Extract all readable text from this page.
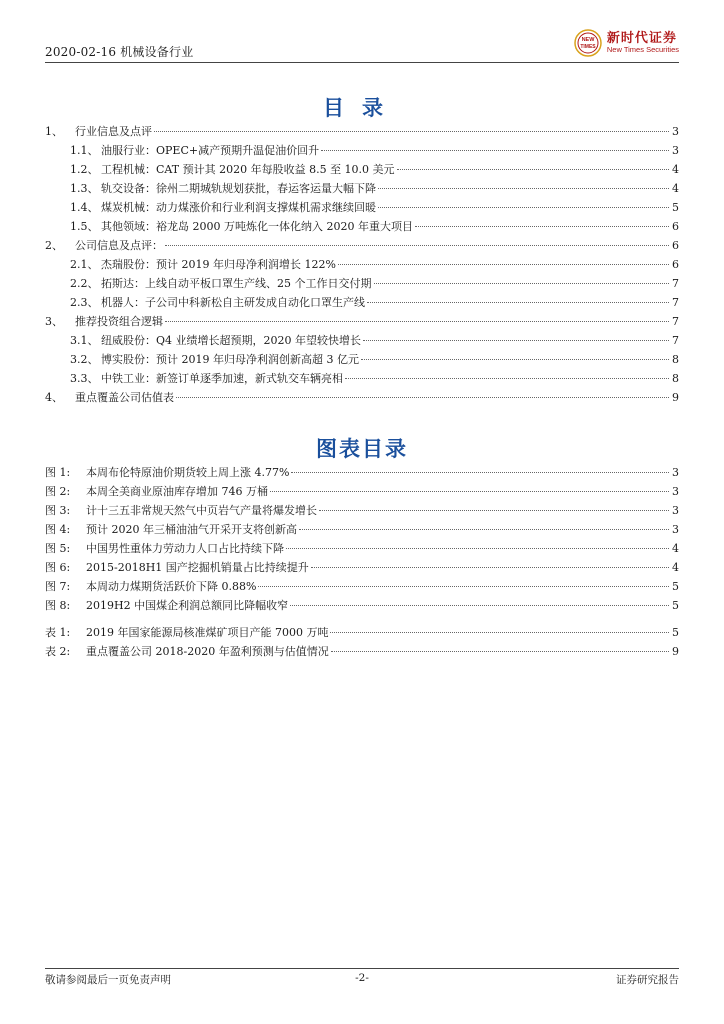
2020-02-16 机械设备行业
NEW
TIMES
新时代证券
New Times Securities
目录
1、	行业信息及点评	3
1.1、 油服行业：OPEC+减产预期升温促油价回升	3
1.2、 工程机械：CAT 预计其 2020 年每股收益 8.5 至 10.0 美元	4
1.3、 轨交设备：徐州二期城轨规划获批，春运客运量大幅下降	4
1.4、 煤炭机械：动力煤涨价和行业利润支撑煤机需求继续回暖	5
1.5、 其他领域：裕龙岛 2000 万吨炼化一体化纳入 2020 年重大项目	6
2、	公司信息及点评：	6
2.1、 杰瑞股份：预计 2019 年归母净利润增长 122%	6
2.2、 拓斯达：上线自动平板口罩生产线、25 个工作日交付期	7
2.3、 机器人：子公司中科新松自主研发成自动化口罩生产线	7
3、	推荐投资组合逻辑	7
3.1、 纽威股份：Q4 业绩增长超预期，2020 年望较快增长	7
3.2、 博实股份：预计 2019 年归母净利润创新高超 3 亿元	8
3.3、 中铁工业：新签订单逐季加速，新式轨交车辆亮相	8
4、	重点覆盖公司估值表	9
图表目录
图 1:	本周布伦特原油价期货较上周上涨 4.77%	3
图 2:	本周全美商业原油库存增加 746 万桶	3
图 3:	计十三五非常规天然气中页岩气产量将爆发增长	3
图 4:	预计 2020 年三桶油油气开采开支将创新高	3
图 5:	中国男性重体力劳动力人口占比持续下降	4
图 6:	2015-2018H1 国产挖掘机销量占比持续提升	4
图 7:	本周动力煤期货活跃价下降 0.88%	5
图 8:	2019H2 中国煤企利润总额同比降幅收窄	5
表 1:	2019 年国家能源局核准煤矿项目产能 7000 万吨	5
表 2:	重点覆盖公司 2018-2020 年盈利预测与估值情况	9
敬请参阅最后一页免责声明	-2-	证券研究报告
